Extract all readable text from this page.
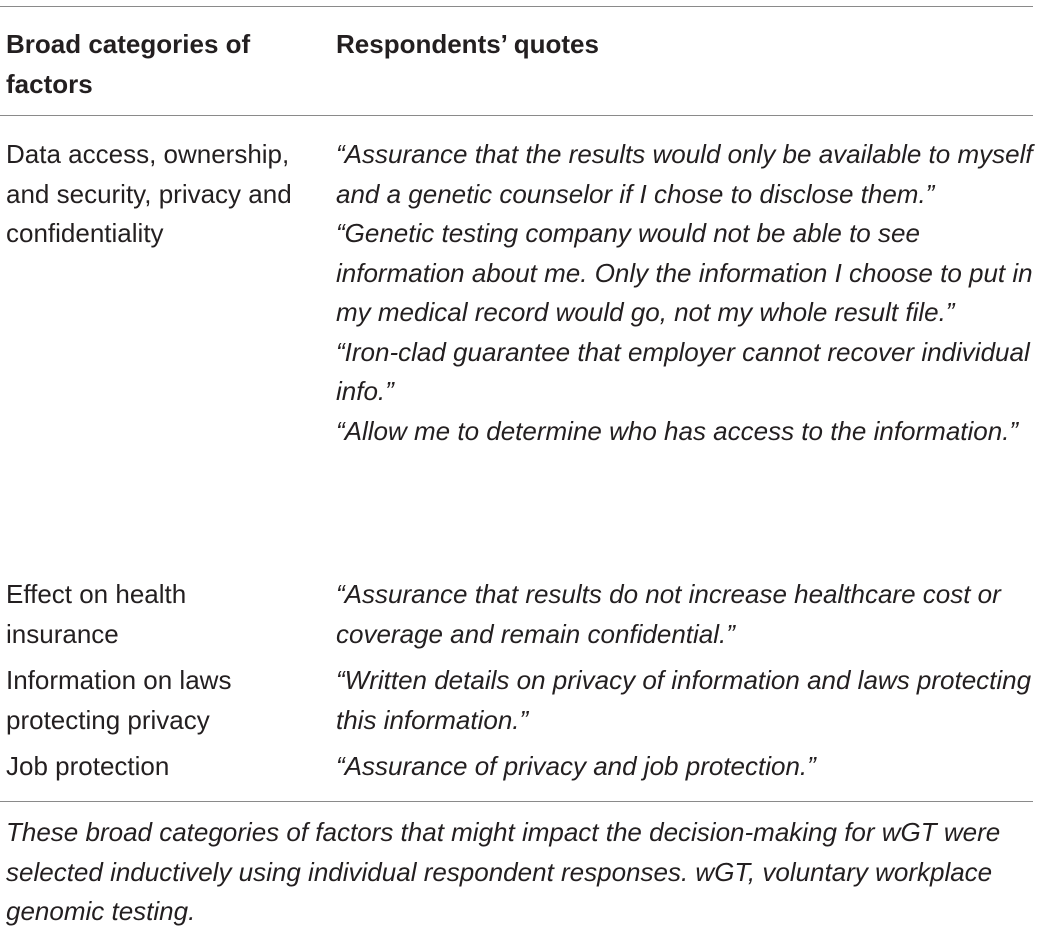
Broad categories of factors
Respondents’ quotes
Data access, ownership, and security, privacy and confidentiality
“Assurance that the results would only be available to myself and a genetic counselor if I chose to disclose them.”
“Genetic testing company would not be able to see information about me. Only the information I choose to put in my medical record would go, not my whole result file.”
“Iron-clad guarantee that employer cannot recover individual info.”
“Allow me to determine who has access to the information.”
Effect on health insurance
“Assurance that results do not increase healthcare cost or coverage and remain confidential.”
Information on laws protecting privacy
“Written details on privacy of information and laws protecting this information.”
Job protection	“Assurance of privacy and job protection.”
These broad categories of factors that might impact the decision-making for wGT were selected inductively using individual respondent responses. wGT, voluntary workplace genomic testing.
